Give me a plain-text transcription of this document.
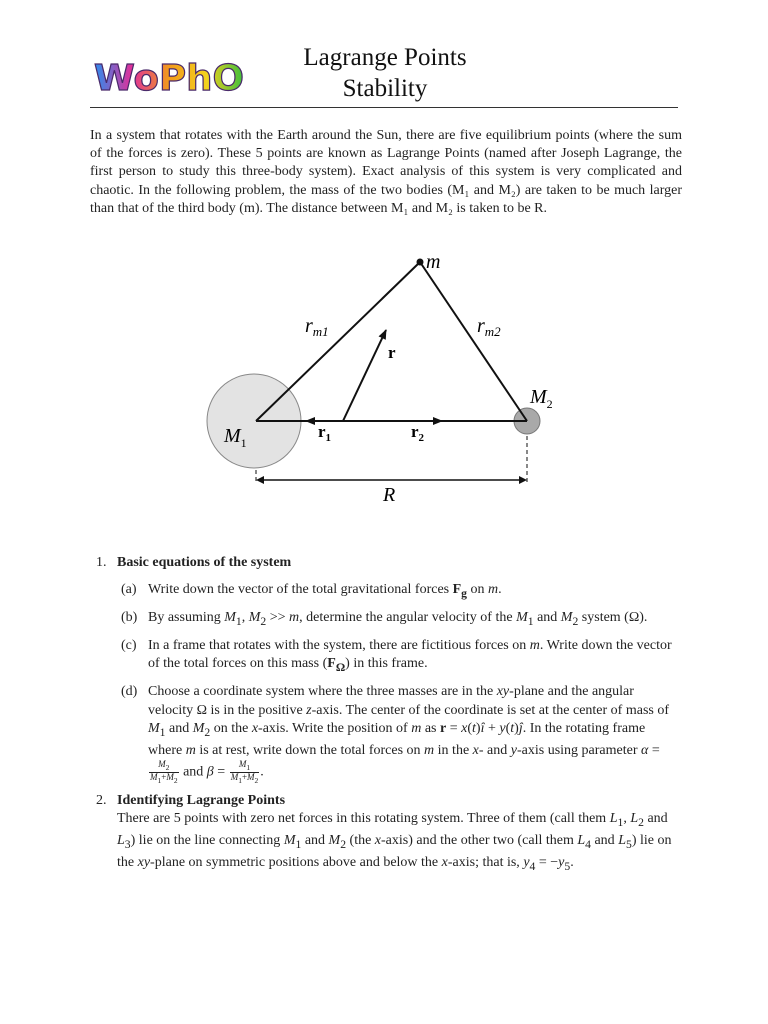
WoPhO
Lagrange Points
Stability
In a system that rotates with the Earth around the Sun, there are five equilibrium points (where the sum of the forces is zero). These 5 points are known as Lagrange Points (named after Joseph Lagrange, the first person to study this three-body system). Exact analysis of this system is very complicated and chaotic. In the following problem, the mass of the two bodies (M₁ and M₂) are taken to be much larger than that of the third body (m). The distance between M₁ and M₂ is taken to be R.
m
$r_{m1}$	$r_{m2}$
r
$r_1$	$r_2$
$M_1$
$M_2$
R
1. Basic equations of the system
(a) Write down the vector of the total gravitational forces $F_g$ on m.
(b) By assuming $M_1$, $M_2 >> m$, determine the angular velocity of the $M_1$ and $M_2$ system (Ω).
(c) In a frame that rotates with the system, there are fictitious forces on m. Write down the vector of the total forces on this mass $(F_\Omega)$ in this frame.
(d) Choose a coordinate system where the three masses are in the xy-plane and the angular velocity Ω is in the positive z-axis. The center of the coordinate is set at the center of mass of $M_1$ and $M_2$ on the x-axis. Write the position of m as r = x(t)î + y(t)ĵ. In the rotating frame where m is at rest, write down the total forces on m in the x- and y-axis using parameter α =
$\frac{M_2}{M_1+M_2}$ and $\beta = \frac{M_1}{M_1+M_2}$ .
2. Identifying Lagrange Points
There are 5 points with zero net forces in this rotating system. Three of them (call them $L_1$, $L_2$ and $L_3$) lie on the line connecting $M_1$ and $M_2$ (the x-axis) and the other two (call them $L_4$ and $L_5$) lie on the xy-plane on symmetric positions above and below the x-axis; that is, $y_4 = -y_5$.
